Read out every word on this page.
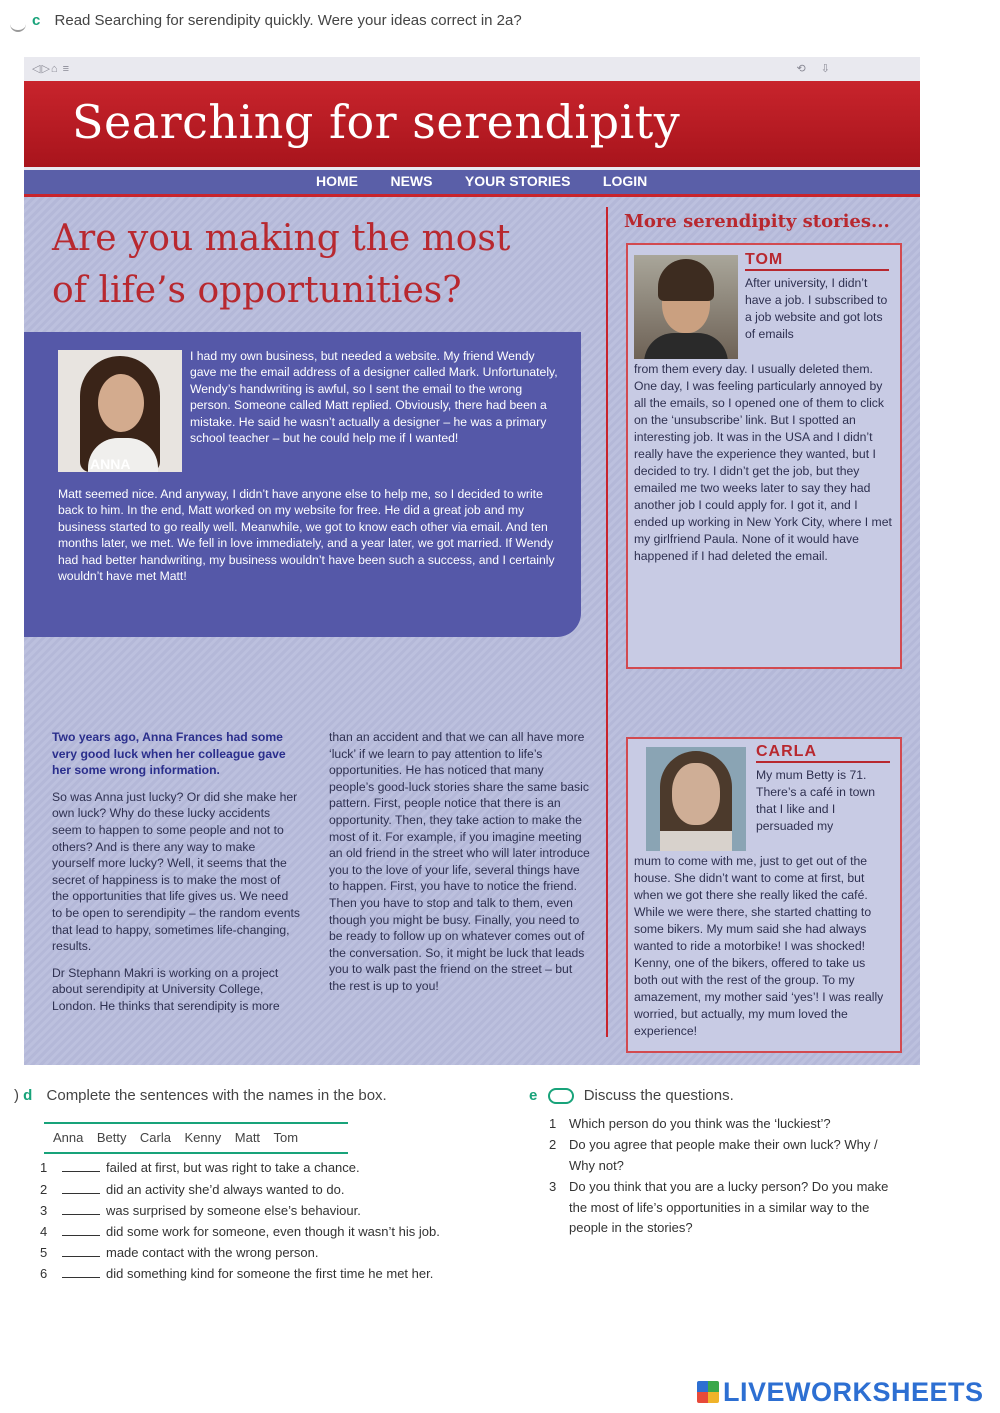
c Read Searching for serendipity quickly. Were your ideas correct in 2a?
◁▷⌂ ≡	⟲ ⇩
Searching for serendipity
HOME NEWS YOUR STORIES LOGIN
Are you making the most
of life’s opportunities?
ANNA
I had my own business, but needed a website. My friend Wendy gave me the email address of a designer called Mark. Unfortunately, Wendy’s handwriting is awful, so I sent the email to the wrong person. Someone called Matt replied. Obviously, there had been a mistake. He said he wasn’t actually a designer – he was a primary school teacher – but he could help me if I wanted!
Matt seemed nice. And anyway, I didn’t have anyone else to help me, so I decided to write back to him. In the end, Matt worked on my website for free. He did a great job and my business started to go really well. Meanwhile, we got to know each other via email. And ten months later, we met. We fell in love immediately, and a year later, we got married. If Wendy had had better handwriting, my business wouldn’t have been such a success, and I certainly wouldn’t have met Matt!

Two years ago, Anna Frances had some very good luck when her colleague gave her some wrong information.

So was Anna just lucky? Or did she make her own luck? Why do these lucky accidents seem to happen to some people and not to others? And is there any way to make yourself more lucky? Well, it seems that the secret of happiness is to make the most of the opportunities that life gives us. We need to be open to serendipity – the random events that lead to happy, sometimes life-changing, results.

Dr Stephann Makri is working on a project about serendipity at University College, London. He thinks that serendipity is more

than an accident and that we can all have more ‘luck’ if we learn to pay attention to life’s opportunities. He has noticed that many people’s good-luck stories share the same basic pattern. First, people notice that there is an opportunity. Then, they take action to make the most of it. For example, if you imagine meeting an old friend in the street who will later introduce you to the love of your life, several things have to happen. First, you have to notice the friend. Then you have to stop and talk to them, even though you might be busy. Finally, you need to be ready to follow up on whatever comes out of the conversation. So, it might be luck that leads you to walk past the friend on the street – but the rest is up to you!

More serendipity stories...
TOM
After university, I didn’t have a job. I subscribed to a job website and got lots of emails
from them every day. I usually deleted them. One day, I was feeling particularly annoyed by all the emails, so I opened one of them to click on the ‘unsubscribe’ link. But I spotted an interesting job. It was in the USA and I didn’t really have the experience they wanted, but I decided to try. I didn’t get the job, but they emailed me two weeks later to say they had another job I could apply for. I got it, and I ended up working in New York City, where I met my girlfriend Paula. None of it would have happened if I had deleted the email.
CARLA
My mum Betty is 71. There’s a café in town that I like and I persuaded my
mum to come with me, just to get out of the house. She didn’t want to come at first, but when we got there she really liked the café. While we were there, she started chatting to some bikers. My mum said she had always wanted to ride a motorbike! I was shocked! Kenny, one of the bikers, offered to take us both out with the rest of the group. To my amazement, my mother said ‘yes’! I was really worried, but actually, my mum loved the experience!
) d Complete the sentences with the names in the box.
Anna Betty Carla Kenny Matt Tom
1	failed at first, but was right to take a chance.
2	did an activity she’d always wanted to do.
3	was surprised by someone else’s behaviour.
4	did some work for someone, even though it wasn’t his job.
5	made contact with the wrong person.
6	did something kind for someone the first time he met her.
e	Discuss the questions.
1 Which person do you think was the ‘luckiest’?
2 Do you agree that people make their own luck? Why / Why not?
3 Do you think that you are a lucky person? Do you make the most of life’s opportunities in a similar way to the people in the stories?
LIVEWORKSHEETS
